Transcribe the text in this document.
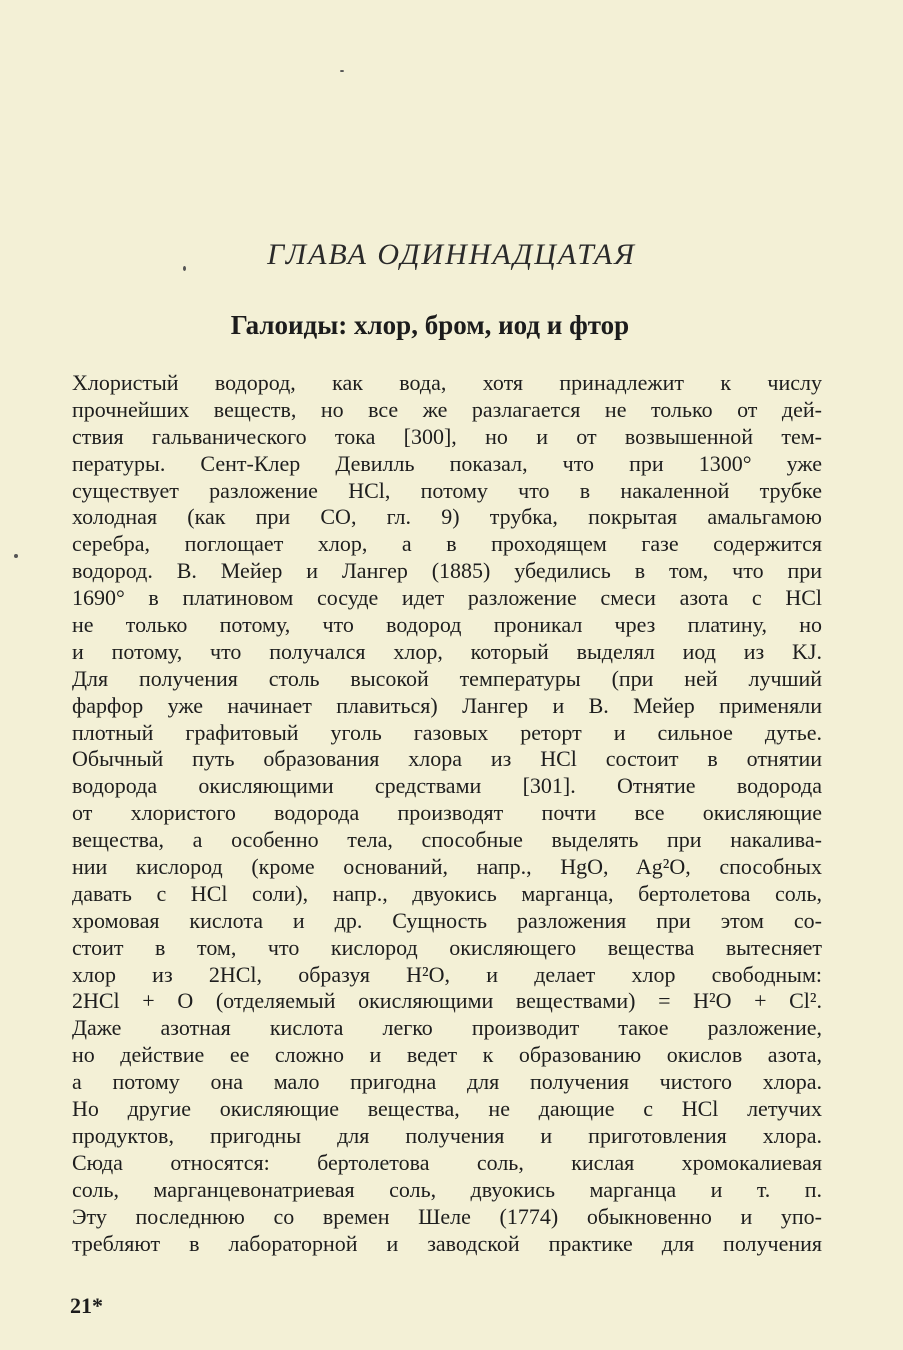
ГЛАВА ОДИННАДЦАТАЯ
Галоиды: хлор, бром, иод и фтор
Хлористый водород, как вода, хотя принадлежит к числу
прочнейших веществ, но все же разлагается не только от дей-
ствия гальванического тока [300], но и от возвышенной тем-
пературы. Сент-Клер Девилль показал, что при 1300° уже
существует разложение HCl, потому что в накаленной трубке
холодная (как при CO, гл. 9) трубка, покрытая амальгамою
серебра, поглощает хлор, а в проходящем газе содержится
водород. В. Мейер и Лангер (1885) убедились в том, что при
1690° в платиновом сосуде идет разложение смеси азота с HCl
не только потому, что водород проникал чрез платину, но
и потому, что получался хлор, который выделял иод из KJ.
Для получения столь высокой температуры (при ней лучший
фарфор уже начинает плавиться) Лангер и В. Мейер применяли
плотный графитовый уголь газовых реторт и сильное дутье.
Обычный путь образования хлора из HCl состоит в отнятии
водорода окисляющими средствами [301]. Отнятие водорода
от хлористого водорода производят почти все окисляющие
вещества, а особенно тела, способные выделять при накалива-
нии кислород (кроме оснований, напр., HgO, Ag²O, способных
давать с HCl соли), напр., двуокись марганца, бертолетова соль,
хромовая кислота и др. Сущность разложения при этом со-
стоит в том, что кислород окисляющего вещества вытесняет
хлор из 2HCl, образуя H²O, и делает хлор свободным:
2HCl + O (отделяемый окисляющими веществами) = H²O + Cl².
Даже азотная кислота легко производит такое разложение,
но действие ее сложно и ведет к образованию окислов азота,
а потому она мало пригодна для получения чистого хлора.
Но другие окисляющие вещества, не дающие с HCl летучих
продуктов, пригодны для получения и приготовления хлора.
Сюда относятся: бертолетова соль, кислая хромокалиевая
соль, марганцевонатриевая соль, двуокись марганца и т. п.
Эту последнюю со времен Шеле (1774) обыкновенно и упо-
требляют в лабораторной и заводской практике для получения
21*
